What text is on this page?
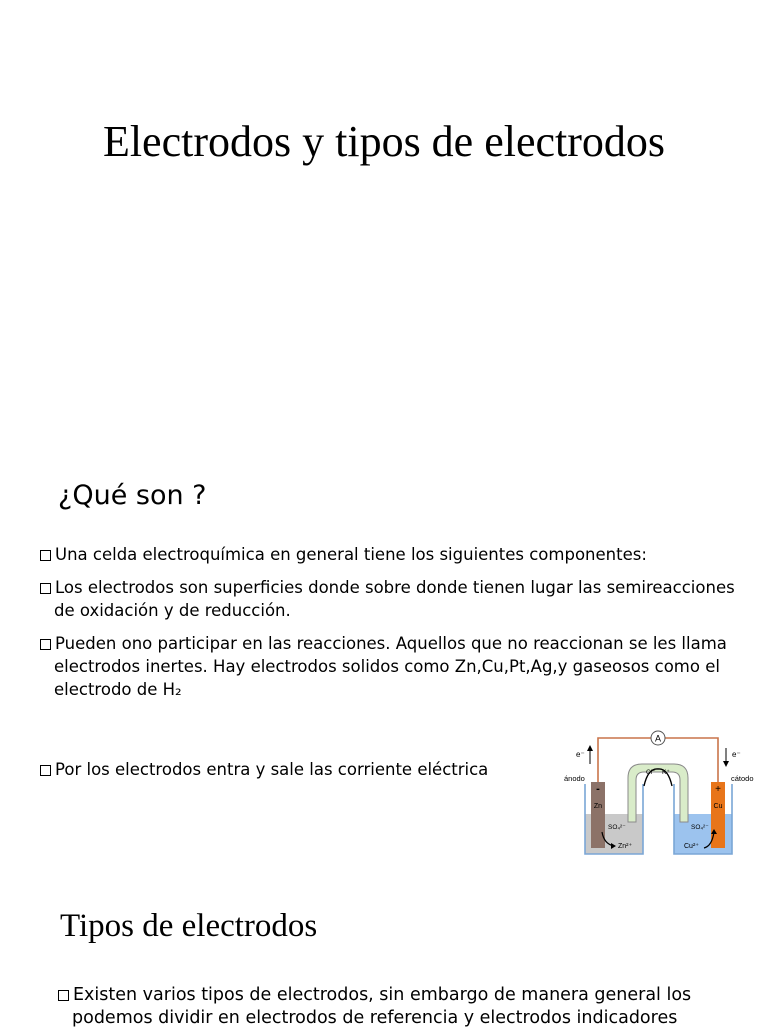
Electrodos y tipos de electrodos
¿Qué son ?
Una celda electroquímica en general tiene los siguientes componentes:
Los electrodos son superficies donde sobre donde tienen lugar las semireacciones de oxidación y de reducción.
Pueden ono participar en las reacciones. Aquellos que no reaccionan se les llama electrodos inertes. Hay electrodos solidos como Zn,Cu,Pt,Ag,y gaseosos como el electrodo de H₂
Por los electrodos entra y sale las corriente eléctrica
A
e⁻	e⁻
ánodo	cátodo
Cl⁻ K⁺
-
Zn
+
Cu
SO₄²⁻	SO₄²⁻
Zn²⁺	Cu²⁺
Tipos de electrodos
Existen varios tipos de electrodos, sin embargo de manera general los podemos dividir en electrodos de referencia y electrodos indicadores
